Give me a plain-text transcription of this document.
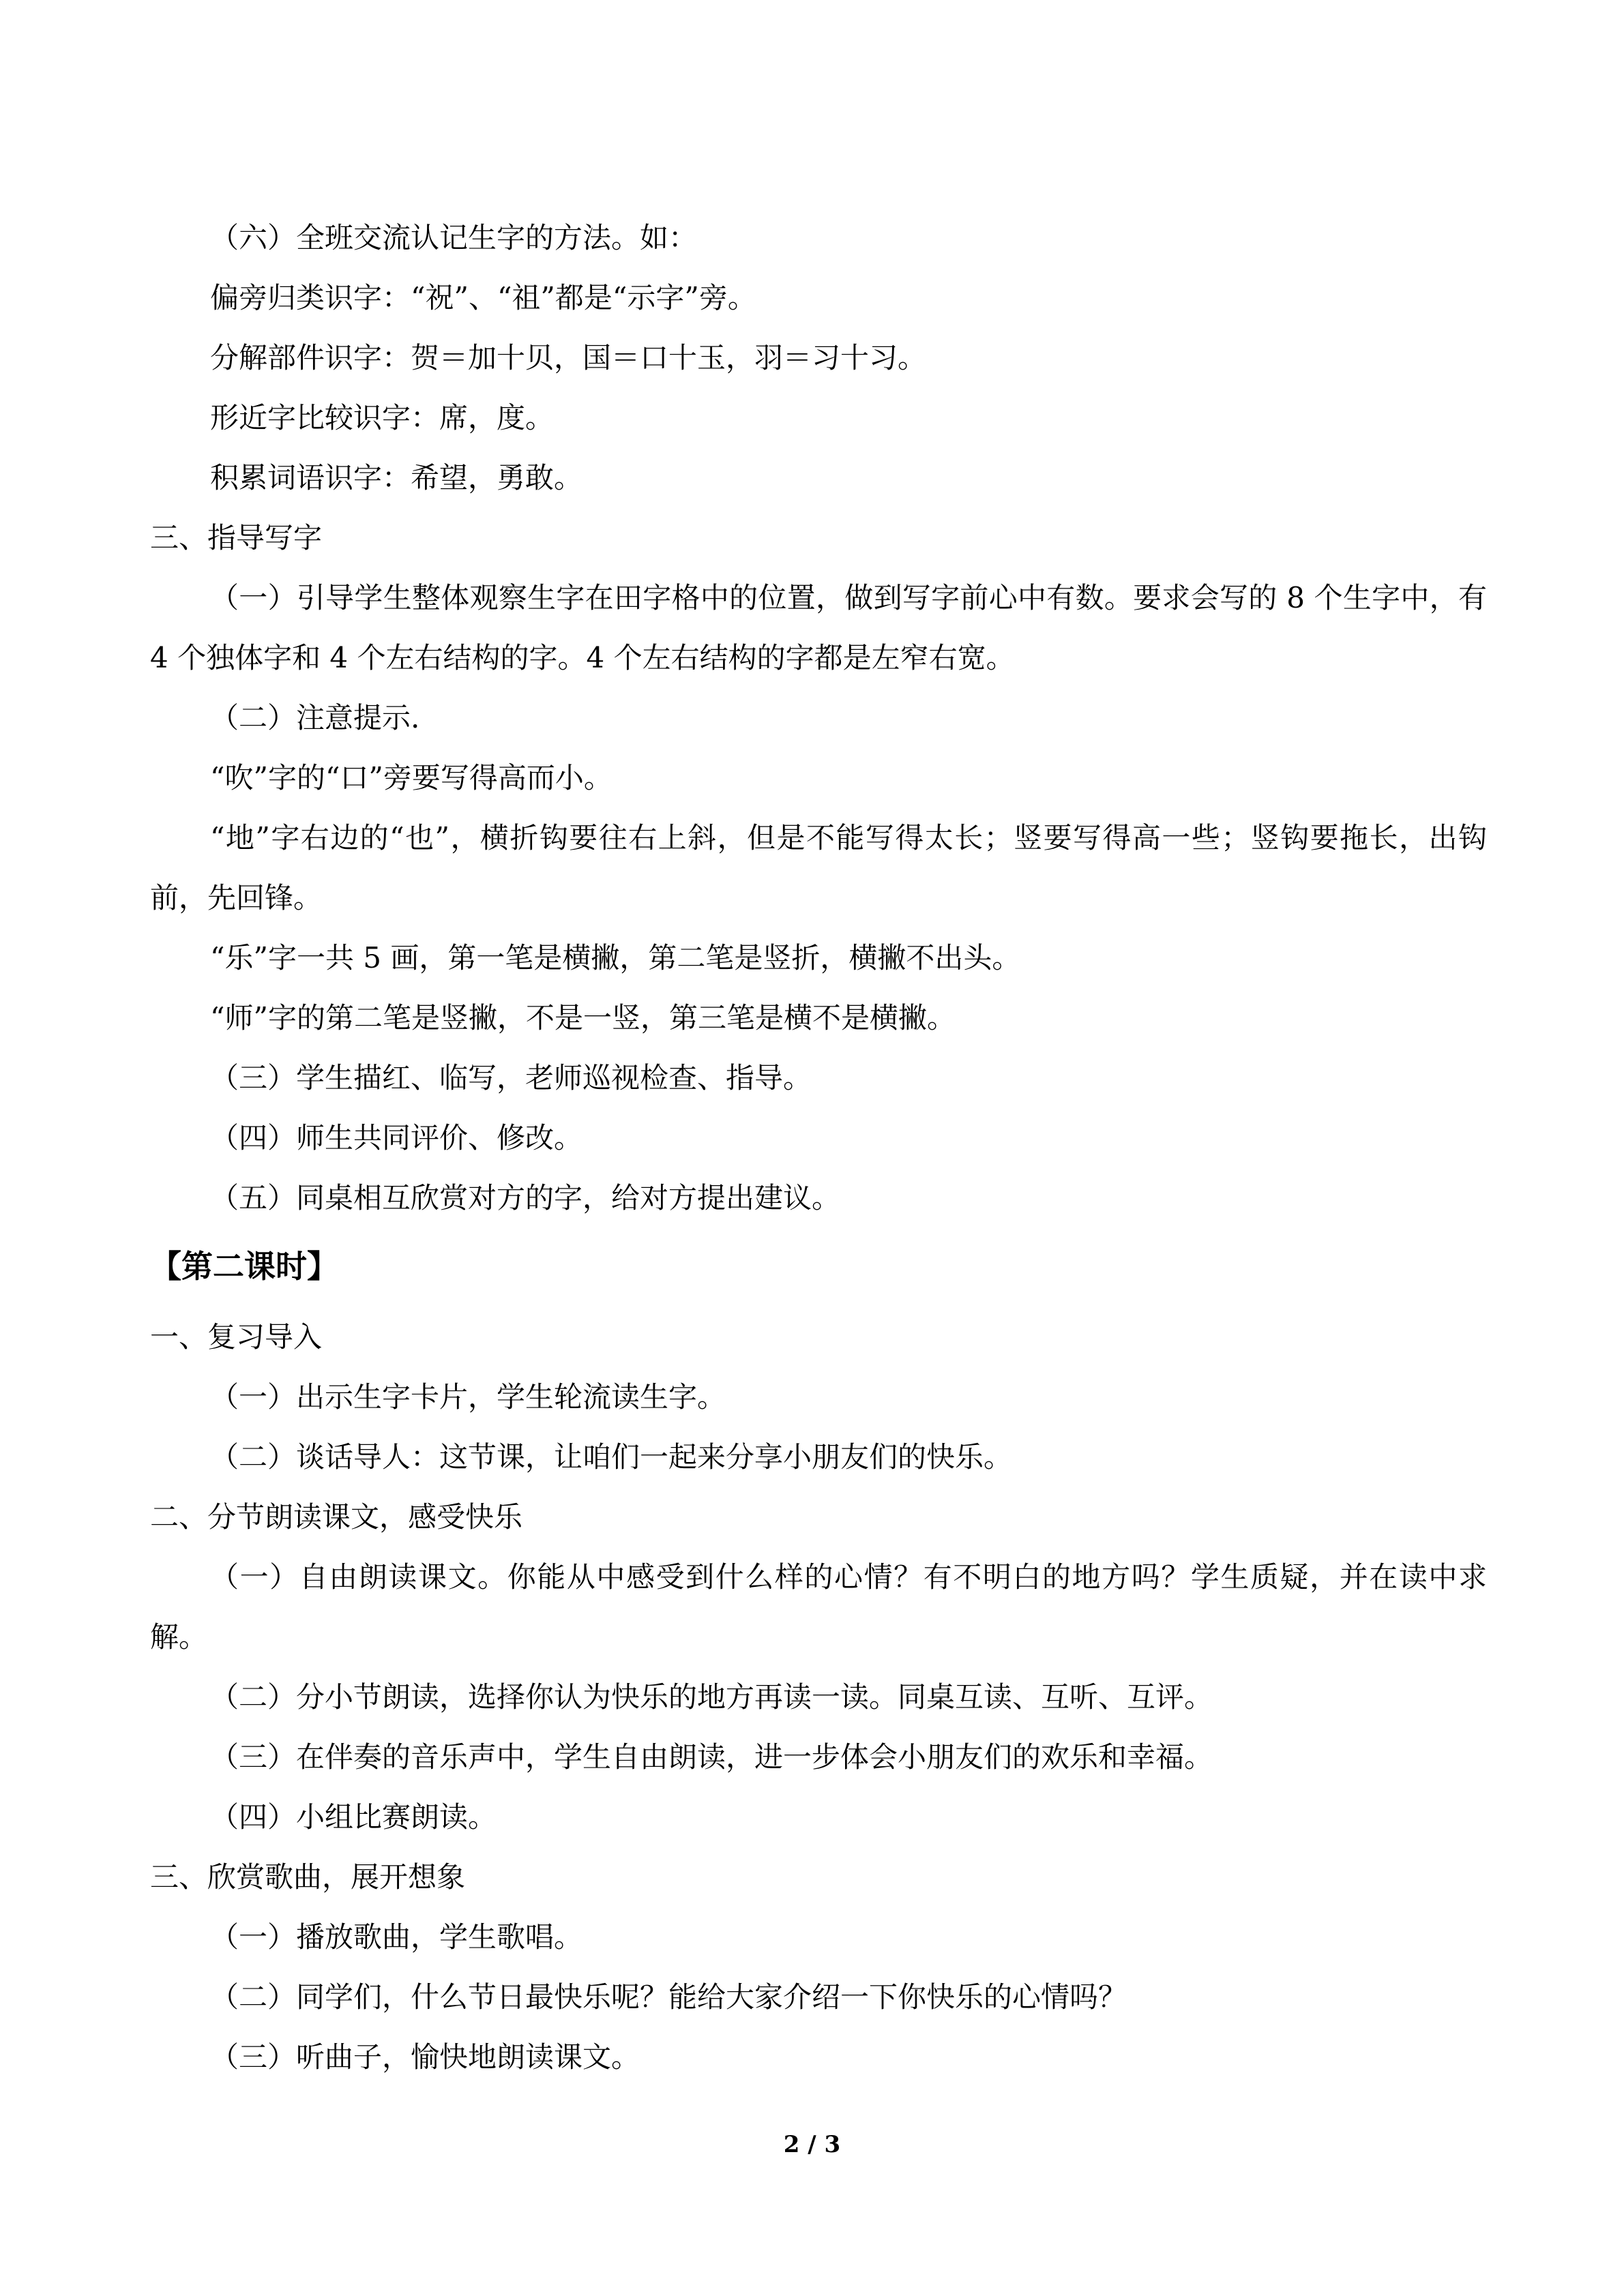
（六）全班交流认记生字的方法。如：
偏旁归类识字：“祝”、“祖”都是“示字”旁。
分解部件识字：贺＝加十贝，国＝口十玉，羽＝习十习。
形近字比较识字：席，度。
积累词语识字：希望，勇敢。
三、指导写字
（一）引导学生整体观察生字在田字格中的位置，做到写字前心中有数。要求会写的 8 个生字中，有 4 个独体字和 4 个左右结构的字。4 个左右结构的字都是左窄右宽。
（二）注意提示.
“吹”字的“口”旁要写得高而小。
“地”字右边的“也”，横折钩要往右上斜，但是不能写得太长；竖要写得高一些；竖钩要拖长，出钩前，先回锋。
“乐”字一共 5 画，第一笔是横撇，第二笔是竖折，横撇不出头。
“师”字的第二笔是竖撇，不是一竖，第三笔是横不是横撇。
（三）学生描红、临写，老师巡视检查、指导。
（四）师生共同评价、修改。
（五）同桌相互欣赏对方的字，给对方提出建议。
【第二课时】
一、复习导入
（一）出示生字卡片，学生轮流读生字。
（二）谈话导人：这节课，让咱们一起来分享小朋友们的快乐。
二、分节朗读课文，感受快乐
（一）自由朗读课文。你能从中感受到什么样的心情？有不明白的地方吗？学生质疑，并在读中求解。
（二）分小节朗读，选择你认为快乐的地方再读一读。同桌互读、互听、互评。
（三）在伴奏的音乐声中，学生自由朗读，进一步体会小朋友们的欢乐和幸福。
（四）小组比赛朗读。
三、欣赏歌曲，展开想象
（一）播放歌曲，学生歌唱。
（二）同学们，什么节日最快乐呢？能给大家介绍一下你快乐的心情吗？
（三）听曲子，愉快地朗读课文。
2 / 3
